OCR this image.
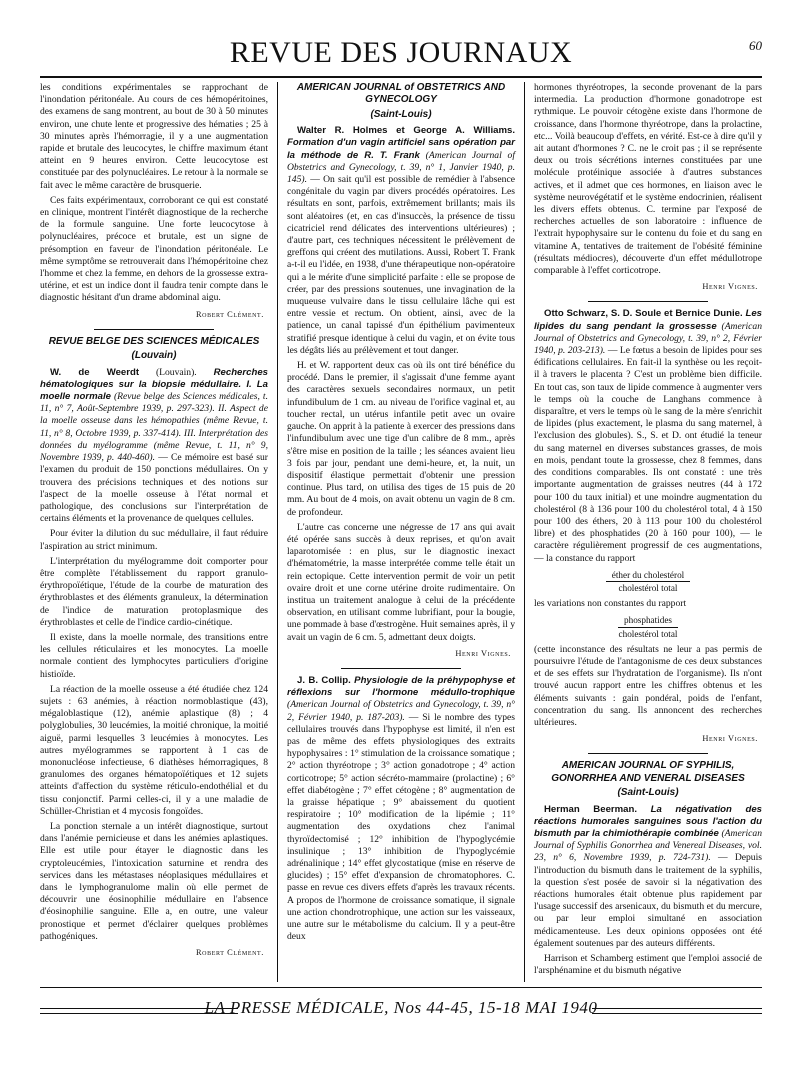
REVUE DES JOURNAUX	60

les conditions expérimentales se rapprochant de l'inondation péritonéale. Au cours de ces hémopéritoines, des examens de sang montrent, au bout de 30 à 50 minutes environ, une chute lente et progressive des hématies ; 25 à 30 minutes après l'hémorragie, il y a une augmentation rapide et brutale des leucocytes, le chiffre maximum étant atteint en 9 heures environ. Cette leucocytose est constituée par des polynucléaires. Le retour à la normale se fait avec le même caractère de brusquerie.

Ces faits expérimentaux, corroborant ce qui est constaté en clinique, montrent l'intérêt diagnostique de la recherche de la formule sanguine. Une forte leucocytose à polynucléaires, précoce et brutale, est un signe de présomption en faveur de l'inondation péritonéale. Le même symptôme se retrouverait dans l'hémopéritoine chez l'homme et chez la femme, en dehors de la grossesse extra-utérine, et est un indice dont il faudra tenir compte dans le diagnostic hésitant d'un drame abdominal aigu.

Robert Clément.
REVUE BELGE DES SCIENCES MÉDICALES
(Louvain)

W. de Weerdt (Louvain). Recherches hématologiques sur la biopsie médullaire. I. La moelle normale (Revue belge des Sciences médicales, t. 11, n° 7, Août-Septembre 1939, p. 297-323). II. Aspect de la moelle osseuse dans les hémopathies (même Revue, t. 11, n° 8, Octobre 1939, p. 337-414). III. Interprétation des données du myélogramme (même Revue, t. 11, n° 9, Novembre 1939, p. 440-460). — Ce mémoire est basé sur l'examen du produit de 150 ponctions médullaires. On y trouvera des précisions techniques et des notions sur l'aspect de la moelle osseuse à l'état normal et pathologique, des conclusions sur l'interprétation de certains éléments et la provenance de quelques cellules.

Pour éviter la dilution du suc médullaire, il faut réduire l'aspiration au strict minimum.

L'interprétation du myélogramme doit comporter pour être complète l'établissement du rapport granulo-érythropoïétique, l'étude de la courbe de maturation des érythroblastes et des éléments granuleux, la détermination de l'indice de maturation protoplasmique des érythroblastes et celle de l'indice cardio-cinétique.

Il existe, dans la moelle normale, des transitions entre les cellules réticulaires et les monocytes. La moelle normale contient des lymphocytes particuliers d'origine histioïde.

La réaction de la moelle osseuse a été étudiée chez 124 sujets : 63 anémies, à réaction normoblastique (43), mégaloblastique (12), anémie aplastique (8) ; 4 polyglobulies, 30 leucémies, la moitié chronique, la moitié aiguë, parmi lesquelles 3 leucémies à monocytes. Les autres myélogrammes se rapportent à 1 cas de mononucléose infectieuse, 6 diathèses hémorragiques, 8 granulomes des organes hématopoïétiques et 12 sujets atteints d'affection du système réticulo-endothélial et du tissu conjonctif. Parmi celles-ci, il y a une maladie de Schüller-Christian et 4 mycosis fongoïdes.

La ponction sternale a un intérêt diagnostique, surtout dans l'anémie pernicieuse et dans les anémies aplastiques. Elle est utile pour étayer le diagnostic dans les cryptoleucémies, l'intoxication saturnine et rendra des services dans les métastases néoplasiques médullaires et dans le lymphogranulome malin où elle permet de découvrir une éosinophilie médullaire en l'absence d'éosinophilie sanguine. Elle a, en outre, une valeur pronostique et permet d'éclairer quelques problèmes pathogéniques.

Robert Clément.
AMERICAN JOURNAL of OBSTETRICS AND GYNECOLOGY
(Saint-Louis)

Walter R. Holmes et George A. Williams. Formation d'un vagin artificiel sans opération par la méthode de R. T. Frank (American Journal of Obstetrics and Gynecology, t. 39, n° 1, Janvier 1940, p. 145). — On sait qu'il est possible de remédier à l'absence congénitale du vagin par divers procédés opératoires. Les résultats en sont, parfois, extrêmement brillants; mais ils sont aléatoires (et, en cas d'insuccès, la présence de tissu cicatriciel rend délicates des interventions ultérieures) ; d'autre part, ces techniques nécessitent le prélèvement de greffons qui créent des mutilations. Aussi, Robert T. Frank a-t-il eu l'idée, en 1938, d'une thérapeutique non-opératoire qui a le mérite d'une simplicité parfaite : elle se propose de créer, par des pressions soutenues, une invagination de la muqueuse vulvaire dans le tissu cellulaire lâche qui est entre vessie et rectum. On obtient, ainsi, avec de la patience, un canal tapissé d'un épithélium pavimenteux stratifié presque identique à celui du vagin, et on évite tous les dégâts liés au prélèvement et tout danger.

H. et W. rapportent deux cas où ils ont tiré bénéfice du procédé. Dans le premier, il s'agissait d'une femme ayant des caractères sexuels secondaires normaux, un petit infundibulum de 1 cm. au niveau de l'orifice vaginal et, au toucher rectal, un utérus infantile petit avec un ovaire gauche. On apprit à la patiente à exercer des pressions dans l'infundibulum avec une tige d'un calibre de 8 mm., après s'être mise en position de la taille ; les séances avaient lieu 3 fois par jour, pendant une demi-heure, et, la nuit, un dispositif élastique permettait d'obtenir une pression continue. Plus tard, on utilisa des tiges de 15 puis de 20 mm. Au bout de 4 mois, on avait obtenu un vagin de 8 cm. de profondeur.

L'autre cas concerne une négresse de 17 ans qui avait été opérée sans succès à deux reprises, et qu'on avait laparotomisée : en plus, sur le diagnostic inexact d'hématométrie, la masse interprétée comme telle était un rein ectopique. Cette intervention permit de voir un petit ovaire droit et une corne utérine droite rudimentaire. On institua un traitement analogue à celui de la précédente observation, en utilisant comme lubrifiant, pour la bougie, une pommade à base d'œstrogène. Huit semaines après, il y avait un vagin de 6 cm. 5, admettant deux doigts.

Henri Vignes.

J. B. Collip. Physiologie de la préhypophyse et réflexions sur l'hormone médullo-trophique (American Journal of Obstetrics and Gynecology, t. 39, n° 2, Février 1940, p. 187-203). — Si le nombre des types cellulaires trouvés dans l'hypophyse est limité, il n'en est pas de même des effets physiologiques des extraits hypophysaires : 1° stimulation de la croissance somatique ; 2° action thyréotrope ; 3° action gonadotrope ; 4° action corticotrope; 5° action sécréto-mammaire (prolactine) ; 6° effet diabétogène ; 7° effet cétogène ; 8° augmentation de la graisse hépatique ; 9° abaissement du quotient respiratoire ; 10° modification de la lipémie ; 11° augmentation des oxydations chez l'animal thyroïdectomisé ; 12° inhibition de l'hypoglycémie insulinique ; 13° inhibition de l'hypoglycémie adrénalinique ; 14° effet glycostatique (mise en réserve de glucides) ; 15° effet d'expansion de chromatophores. C. passe en revue ces divers effets d'après les travaux récents. A propos de l'hormone de croissance somatique, il signale une action chondrotrophique, une action sur les vaisseaux, une autre sur le métabolisme du calcium. Il y a peut-être deux

hormones thyréotropes, la seconde provenant de la pars intermedia. La production d'hormone gonadotrope est rythmique. Le pouvoir cétogène existe dans l'hormone de croissance, dans l'hormone thyréotrope, dans la prolactine, etc... Voilà beaucoup d'effets, en vérité. Est-ce à dire qu'il y ait autant d'hormones ? C. ne le croit pas ; il se représente deux ou trois sécrétions internes constituées par une molécule protéinique associée à d'autres substances actives, et il admet que ces hormones, en liaison avec le système neurovégétatif et le système endocrinien, réalisent les divers effets obtenus. C. termine par l'exposé de recherches actuelles de son laboratoire : influence de l'extrait hypophysaire sur le contenu du foie et du sang en vitamine A, tentatives de traitement de l'obésité féminine (résultats médiocres), découverte d'un effet médullotrope comparable à l'effet corticotrope.

Henri Vignes.

Otto Schwarz, S. D. Soule et Bernice Dunie. Les lipides du sang pendant la grossesse (American Journal of Obstetrics and Gynecology, t. 39, n° 2, Février 1940, p. 203-213). — Le fœtus a besoin de lipides pour ses édifications cellulaires. En fait-il la synthèse ou les reçoit-il à travers le placenta ? C'est un problème bien difficile. En tout cas, son taux de lipide commence à augmenter vers le temps où la couche de Langhans commence à disparaître, et vers le temps où le sang de la mère s'enrichit de lipides (plus exactement, le plasma du sang maternel, à l'exclusion des globules). S., S. et D. ont étudié la teneur du sang maternel en diverses substances grasses, de mois en mois, pendant toute la grossesse, chez 8 femmes, dans des conditions comparables. Ils ont constaté : une très importante augmentation de graisses neutres (44 à 172 pour 100 du taux initial) et une moindre augmentation du cholestérol (8 à 136 pour 100 du cholestérol total, 4 à 150 pour 100 des éthers, 20 à 113 pour 100 du cholestérol libre) et des phosphatides (20 à 160 pour 100), — le caractère régulièrement progressif de ces augmentations, — la constance du rapport

éther du cholestérol
cholestérol total

les variations non constantes du rapport

phosphatides
cholestérol total

(cette inconstance des résultats ne leur a pas permis de poursuivre l'étude de l'antagonisme de ces deux substances et de ses effets sur l'hydratation de l'organisme). Ils n'ont trouvé aucun rapport entre les chiffres obtenus et les éléments suivants : gain pondéral, poids de l'enfant, concentration du sang. Ils annoncent des recherches ultérieures.

Henri Vignes.
AMERICAN JOURNAL OF SYPHILIS, GONORRHEA AND VENERAL DISEASES
(Saint-Louis)

Herman Beerman. La négativation des réactions humorales sanguines sous l'action du bismuth par la chimiothérapie combinée (American Journal of Syphilis Gonorrhea and Venereal Diseases, vol. 23, n° 6, Novembre 1939, p. 724-731). — Depuis l'introduction du bismuth dans le traitement de la syphilis, la question s'est posée de savoir si la négativation des réactions humorales était obtenue plus rapidement par l'usage successif des arsenicaux, du bismuth et du mercure, ou par leur emploi simultané en association médicamenteuse. Les deux opinions opposées ont été également soutenues par des auteurs différents.

Harrison et Schamberg estiment que l'emploi associé de l'arsphénamine et du bismuth négative

LA PRESSE MÉDICALE, Nos 44-45, 15-18 MAI 1940
